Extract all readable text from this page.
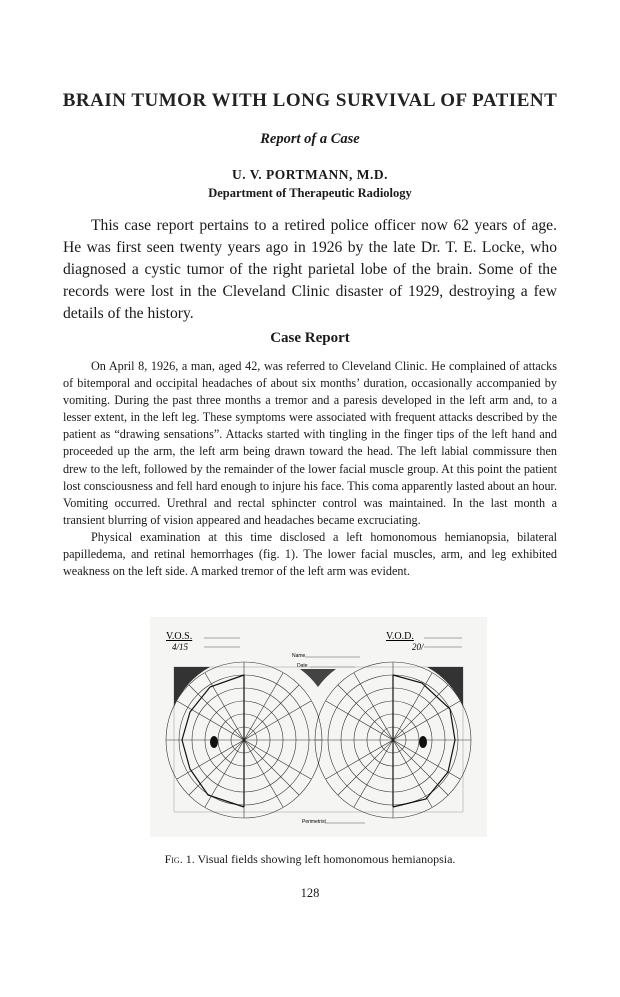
BRAIN TUMOR WITH LONG SURVIVAL OF PATIENT
Report of a Case
U. V. PORTMANN, M.D.
Department of Therapeutic Radiology

This case report pertains to a retired police officer now 62 years of age. He was first seen twenty years ago in 1926 by the late Dr. T. E. Locke, who diagnosed a cystic tumor of the right parietal lobe of the brain. Some of the records were lost in the Cleveland Clinic disaster of 1929, destroying a few details of the history.

Case Report

On April 8, 1926, a man, aged 42, was referred to Cleveland Clinic. He complained of attacks of bitemporal and occipital headaches of about six months’ duration, occasionally accompanied by vomiting. During the past three months a tremor and a paresis developed in the left arm and, to a lesser extent, in the left leg. These symptoms were associated with frequent attacks described by the patient as “drawing sensations”. Attacks started with tingling in the finger tips of the left hand and proceeded up the arm, the left arm being drawn toward the head. The left labial commissure then drew to the left, followed by the remainder of the lower facial muscle group. At this point the patient lost consciousness and fell hard enough to injure his face. This coma apparently lasted about an hour. Vomiting occurred. Urethral and rectal sphincter control was maintained. In the last month a transient blurring of vision appeared and headaches became excruciating.

Physical examination at this time disclosed a left homonomous hemianopsia, bilateral papilledema, and retinal hemorrhages (fig. 1). The lower facial muscles, arm, and leg exhibited weakness on the left side. A marked tremor of the left arm was evident.

V.O.S.
4/15
V.O.D.
20/
Name
Date
Perimetrist
Fig. 1. Visual fields showing left homonomous hemianopsia.
128
